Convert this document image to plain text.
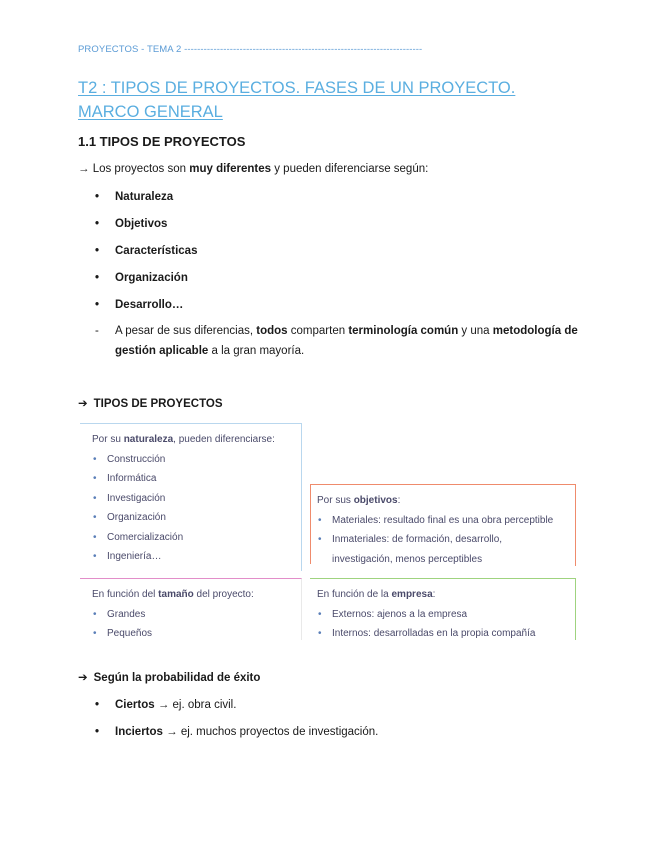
PROYECTOS - TEMA 2 -------------------------------------------------------------------------
T2 : TIPOS DE PROYECTOS. FASES DE UN PROYECTO. MARCO GENERAL
1.1 TIPOS DE PROYECTOS
→ Los proyectos son muy diferentes y pueden diferenciarse según:
• Naturaleza
• Objetivos
• Características
• Organización
• Desarrollo…
- A pesar de sus diferencias, todos comparten terminología común y una metodología de gestión aplicable a la gran mayoría.
➔ TIPOS DE PROYECTOS
Por su naturaleza, pueden diferenciarse:
• Construcción
• Informática
• Investigación
• Organización
• Comercialización
• Ingeniería…
Por sus objetivos:
• Materiales: resultado final es una obra perceptible
• Inmateriales: de formación, desarrollo,
investigación, menos perceptibles
En función del tamaño del proyecto:
• Grandes
• Pequeños
En función de la empresa:
• Externos: ajenos a la empresa
• Internos: desarrolladas en la propia compañía
➔ Según la probabilidad de éxito
• Ciertos → ej. obra civil.
• Inciertos → ej. muchos proyectos de investigación.
